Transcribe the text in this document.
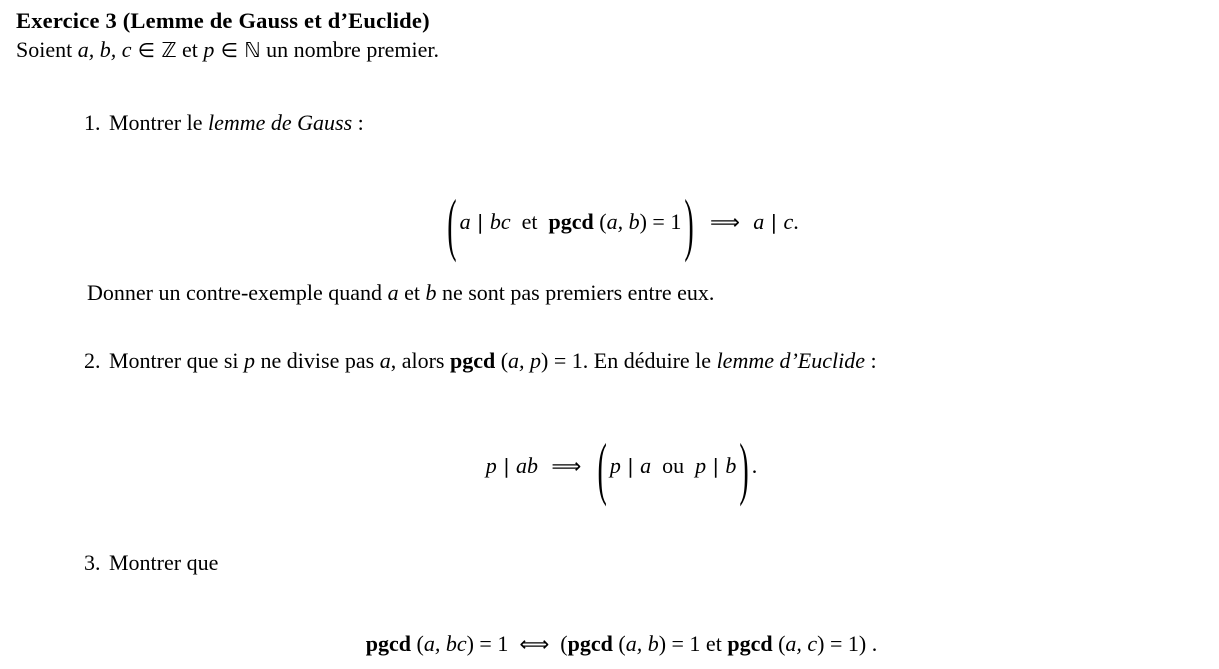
Exercice 3 (Lemme de Gauss et d’Euclide)
Soient a, b, c ∈ ℤ et p ∈ ℕ un nombre premier.

1. Montrer le lemme de Gauss :

( a | bc et pgcd ( a, b ) = 1 ) ⟹ a | c .
Donner un contre-exemple quand a et b ne sont pas premiers entre eux.

2. Montrer que si p ne divise pas a, alors pgcd (a, p) = 1. En déduire le lemme d’Euclide :

p | ab ⟹ ( p | a ou p | b ) .

3. Montrer que

pgcd ( a, bc ) = 1 ⟺ ( pgcd ( a, b ) = 1 et pgcd ( a, c ) = 1 ) .
